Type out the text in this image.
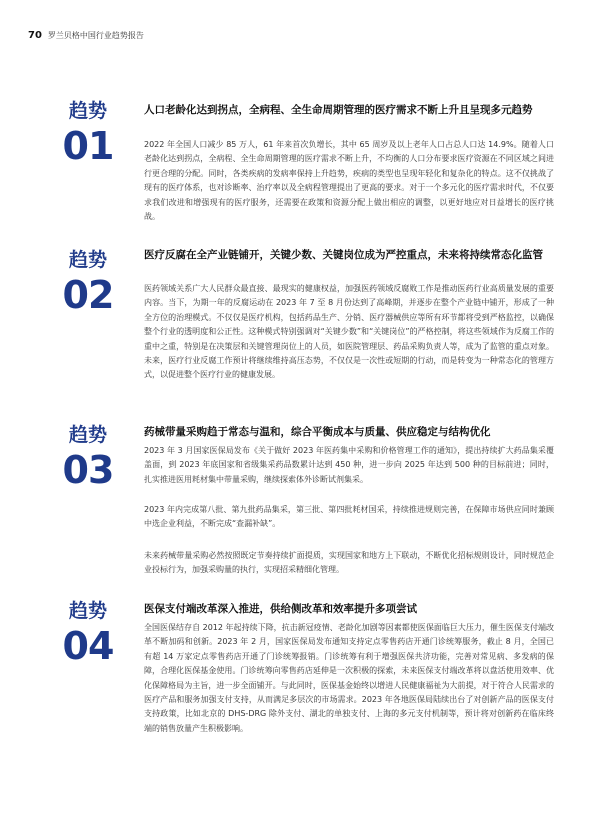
70 罗兰贝格中国行业趋势报告
趋势
01
人口老龄化达到拐点，全病程、全生命周期管理的医疗需求不断上升且呈现多元趋势

2022 年全国人口减少 85 万人，61 年来首次负增长，其中 65 周岁及以上老年人口占总人口达 14.9%。随着人口老龄化达到拐点，全病程、全生命周期管理的医疗需求不断上升，不均衡的人口分布要求医疗资源在不同区域之间进行更合理的分配。同时，各类疾病的发病率保持上升趋势，疾病的类型也呈现年轻化和复杂化的特点。这不仅挑战了现有的医疗体系，也对诊断率、治疗率以及全病程管理提出了更高的要求。对于一个多元化的医疗需求时代，不仅要求我们改进和增强现有的医疗服务，还需要在政策和资源分配上做出相应的调整，以更好地应对日益增长的医疗挑战。

趋势
02
医疗反腐在全产业链铺开，关键少数、关键岗位成为严控重点，未来将持续常态化监管

医药领域关系广大人民群众最直接、最现实的健康权益，加强医药领域反腐败工作是推动医药行业高质量发展的重要内容。当下，为期一年的反腐运动在 2023 年 7 至 8 月份达到了高峰期，并逐步在整个产业链中铺开，形成了一种全方位的治理模式。不仅仅是医疗机构，包括药品生产、分销、医疗器械供应等所有环节都将受到严格监控，以确保整个行业的透明度和公正性。这种模式特别强调对“关键少数”和“关键岗位”的严格控制，将这些领域作为反腐工作的重中之重，特别是在决策层和关键管理岗位上的人员，如医院管理层、药品采购负责人等，成为了监管的重点对象。未来，医疗行业反腐工作预计将继续维持高压态势，不仅仅是一次性或短期的行动，而是转变为一种常态化的管理方式，以促进整个医疗行业的健康发展。

趋势
03
药械带量采购趋于常态与温和，综合平衡成本与质量、供应稳定与结构优化

2023 年 3 月国家医保局发布《关于做好 2023 年医药集中采购和价格管理工作的通知》，提出持续扩大药品集采覆盖面，到 2023 年底国家和省级集采药品数累计达到 450 种，进一步向 2025 年达到 500 种的目标前进；同时，扎实推进医用耗材集中带量采购，继续探索体外诊断试剂集采。

2023 年内完成第八批、第九批药品集采，第三批、第四批耗材国采，持续推进规则完善，在保障市场供应同时兼顾中选企业利益，不断完成“查漏补缺”。

未来药械带量采购必然按照既定节奏持续扩面提质，实现国家和地方上下联动，不断优化招标规则设计，同时规范企业投标行为，加强采购量的执行，实现招采精细化管理。

趋势
04
医保支付端改革深入推进，供给侧改革和效率提升多项尝试

全国医保结存自 2012 年起持续下降，抗击新冠疫情、老龄化加剧等因素都使医保面临巨大压力，催生医保支付端改革不断加码和创新。2023 年 2 月，国家医保局发布通知支持定点零售药店开通门诊统筹服务，截止 8 月，全国已有超 14 万家定点零售药店开通了门诊统筹报销。门诊统筹有利于增强医保共济功能，完善对常见病、多发病的保障，合理化医保基金使用。门诊统筹向零售药店延伸是一次积极的探索，未来医保支付端改革将以盘活使用效率、优化保障格局为主旨，进一步全面铺开。与此同时，医保基金始终以增进人民健康福祉为大前提，对于符合人民需求的医疗产品和服务加强支付支持，从而满足多层次的市场需求。2023 年各地医保局陆续出台了对创新产品的医保支付支持政策，比如北京的 DHS-DRG 除外支付、湖北的单独支付、上海的多元支付机制等，预计将对创新药在临床终端的销售放量产生积极影响。
